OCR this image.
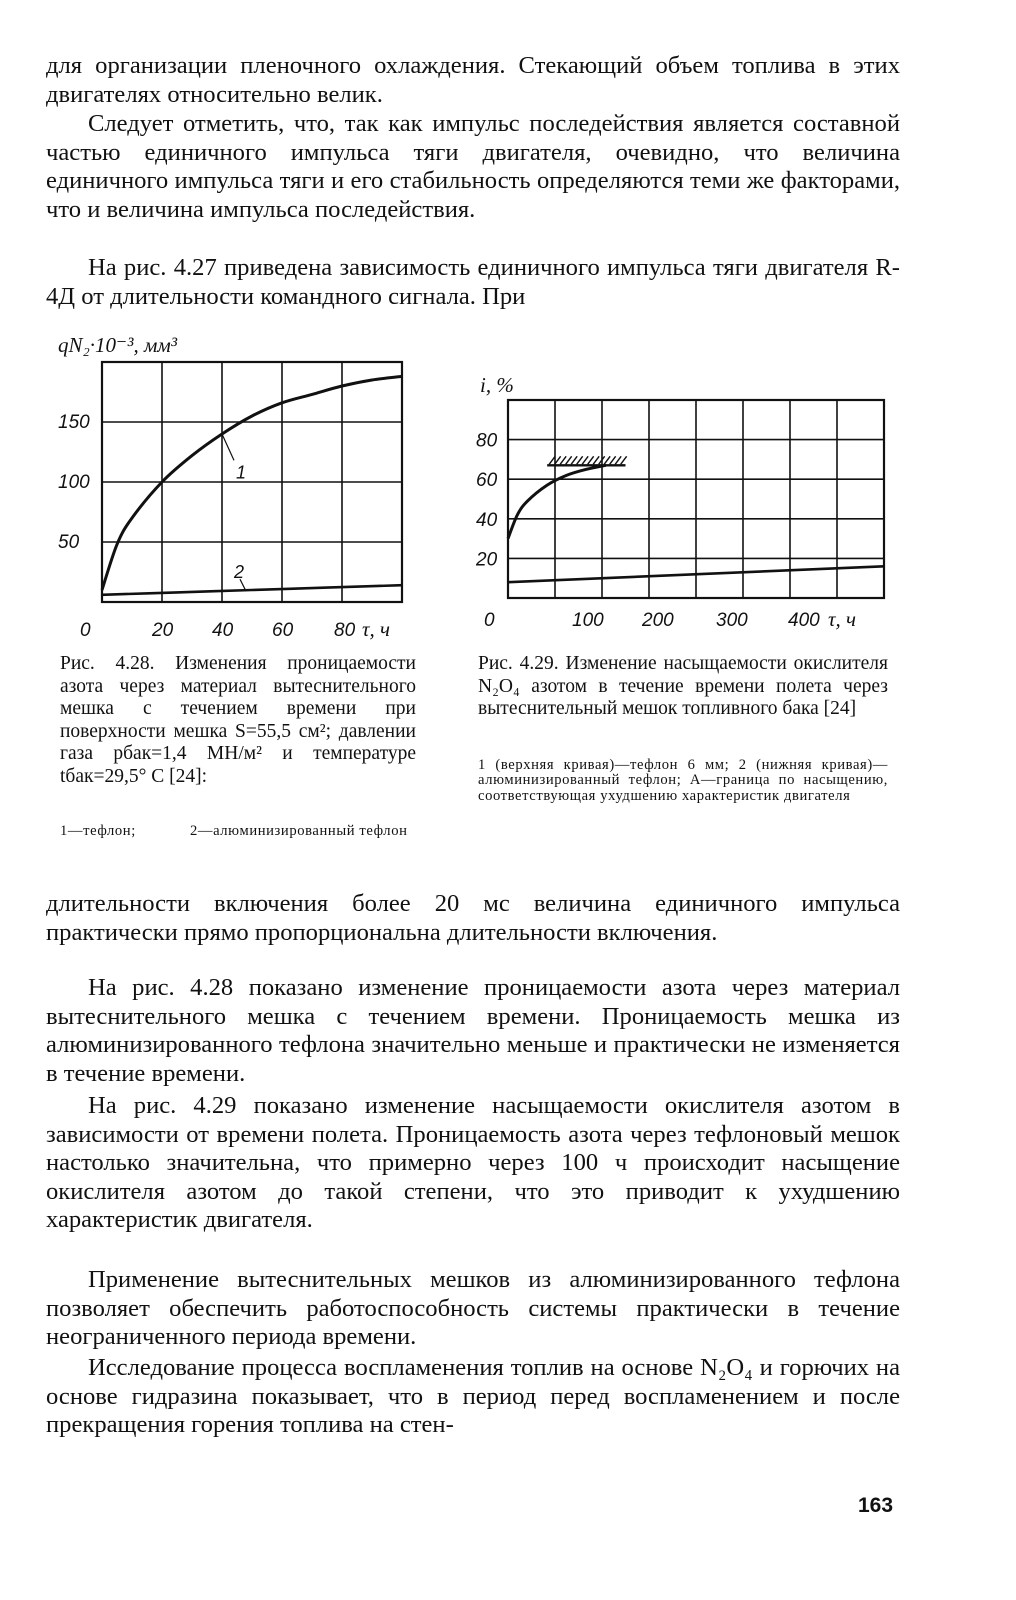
для организации пленочного охлаждения. Стекающий объем топлива в этих двигателях относительно велик.

Следует отметить, что, так как импульс последействия является составной частью единичного импульса тяги двигателя, очевидно, что величина единичного импульса тяги и его стабильность определяются теми же факторами, что и величина импульса последействия.

На рис. 4.27 приведена зависимость единичного импульса тяги двигателя R-4Д от длительности командного сигнала. При

50
100
150
0	20 40 60 80 τ, ч
qN₂·10⁻³, мм³
1
2

Рис. 4.28. Изменения проницаемости азота через материал вытеснительного мешка с течением времени при поверхности мешка S=55,5 см²; давлении газа pбак=1,4 МН/м² и температуре tбак=29,5° С [24]:

1—тефлон;	2—алюминизированный тефлон

20
40
60
80
0	100 200 300 400 τ, ч
i, %

Рис. 4.29. Изменение насыщаемости окислителя N₂O₄ азотом в течение времени полета через вытеснительный мешок топливного бака [24]

1 (верхняя кривая)—тефлон 6 мм; 2 (нижняя кривая)—алюминизированный тефлон; А—граница по насыщению, соответствующая ухудшению характеристик двигателя

длительности включения более 20 мс величина единичного импульса практически прямо пропорциональна длительности включения.

На рис. 4.28 показано изменение проницаемости азота через материал вытеснительного мешка с течением времени. Проницаемость мешка из алюминизированного тефлона значительно меньше и практически не изменяется в течение времени.

На рис. 4.29 показано изменение насыщаемости окислителя азотом в зависимости от времени полета. Проницаемость азота через тефлоновый мешок настолько значительна, что примерно через 100 ч происходит насыщение окислителя азотом до такой степени, что это приводит к ухудшению характеристик двигателя.

Применение вытеснительных мешков из алюминизированного тефлона позволяет обеспечить работоспособность системы практически в течение неограниченного периода времени.

Исследование процесса воспламенения топлив на основе N₂O₄ и горючих на основе гидразина показывает, что в период перед воспламенением и после прекращения горения топлива на стен-

163
